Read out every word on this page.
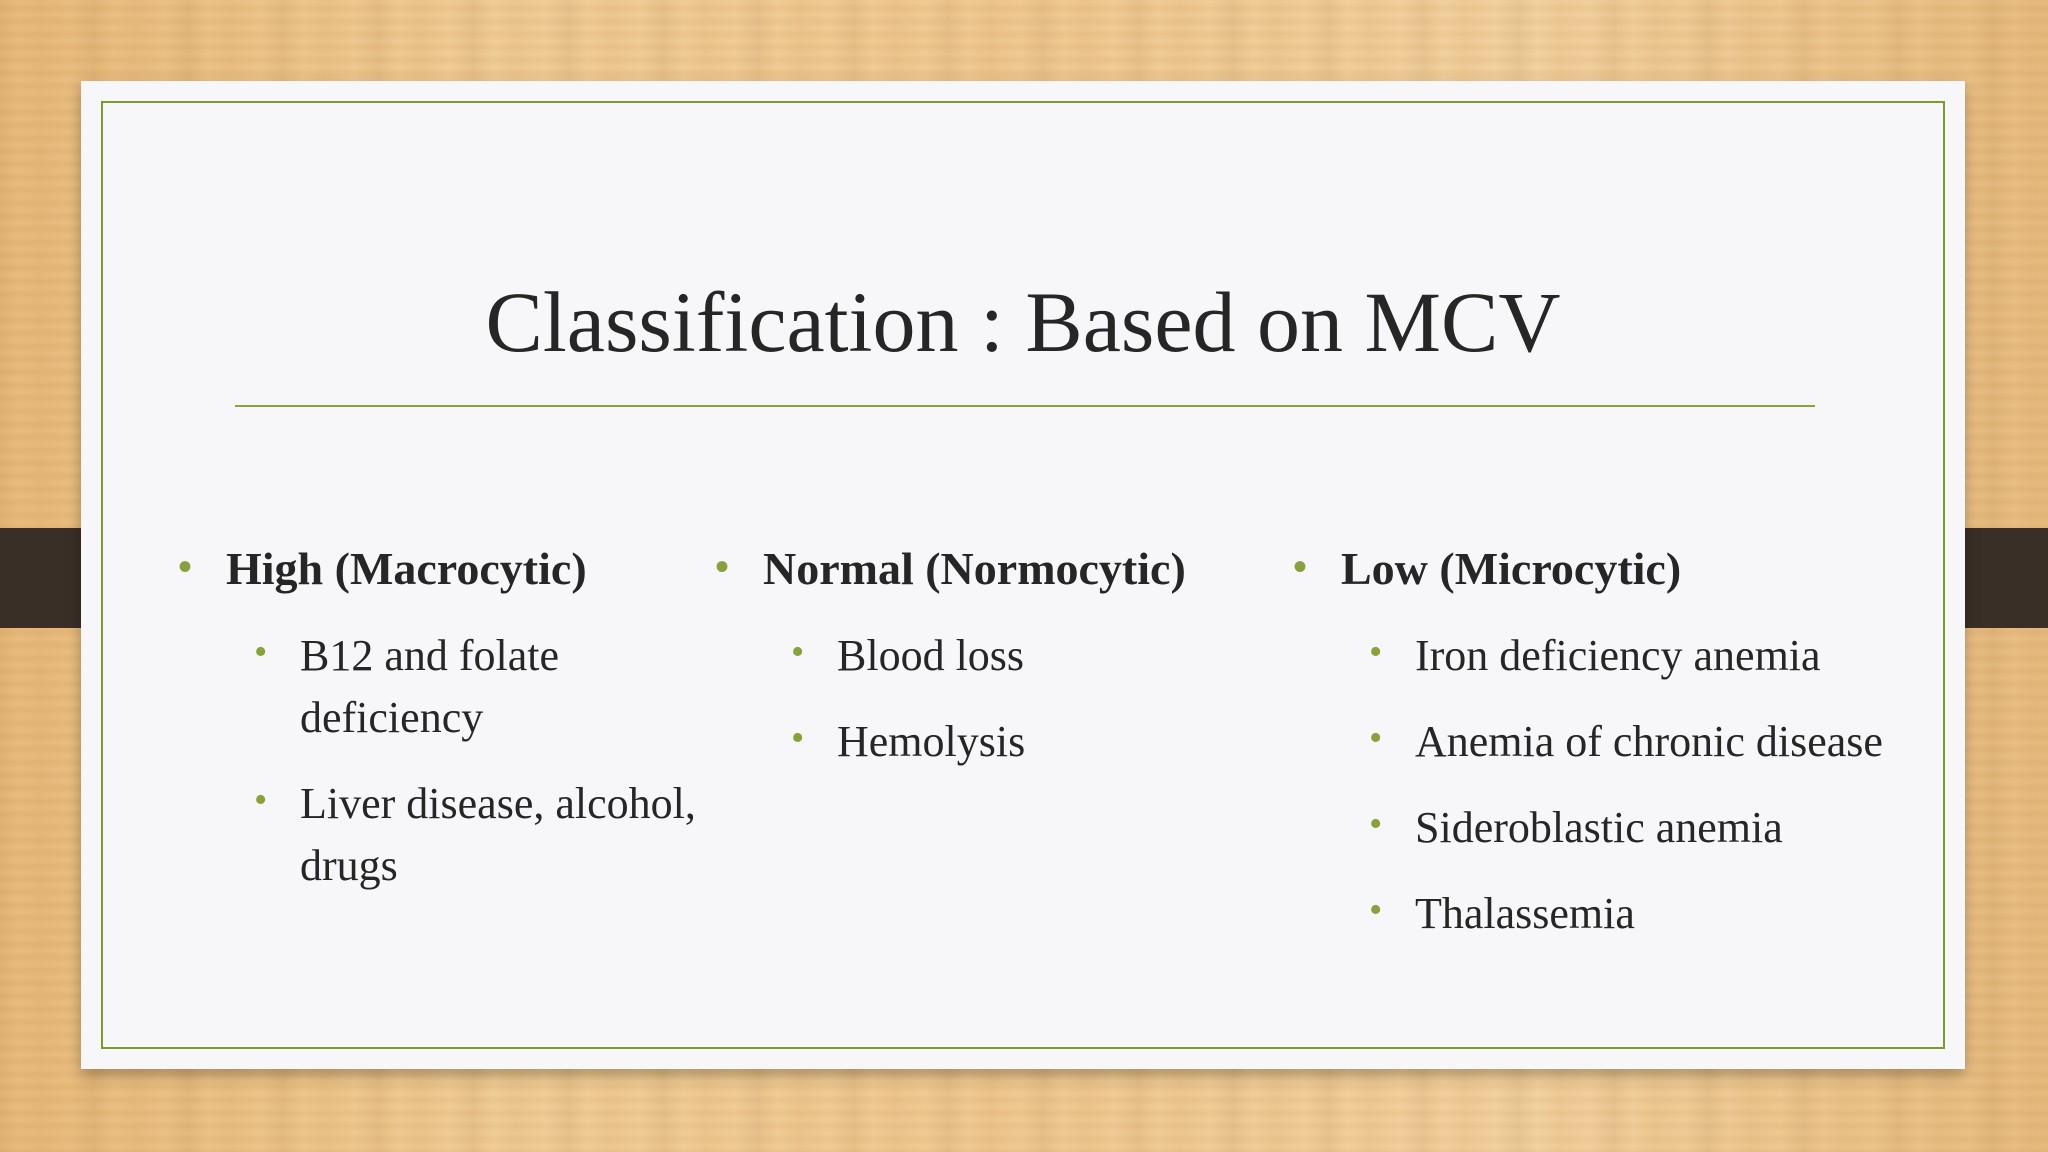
Classification : Based on MCV
• High (Macrocytic)
• B12 and folate deficiency
• Liver disease, alcohol, drugs
• Normal (Normocytic)
• Blood loss
• Hemolysis
• Low (Microcytic)
• Iron deficiency anemia
• Anemia of chronic disease
• Sideroblastic anemia
• Thalassemia
